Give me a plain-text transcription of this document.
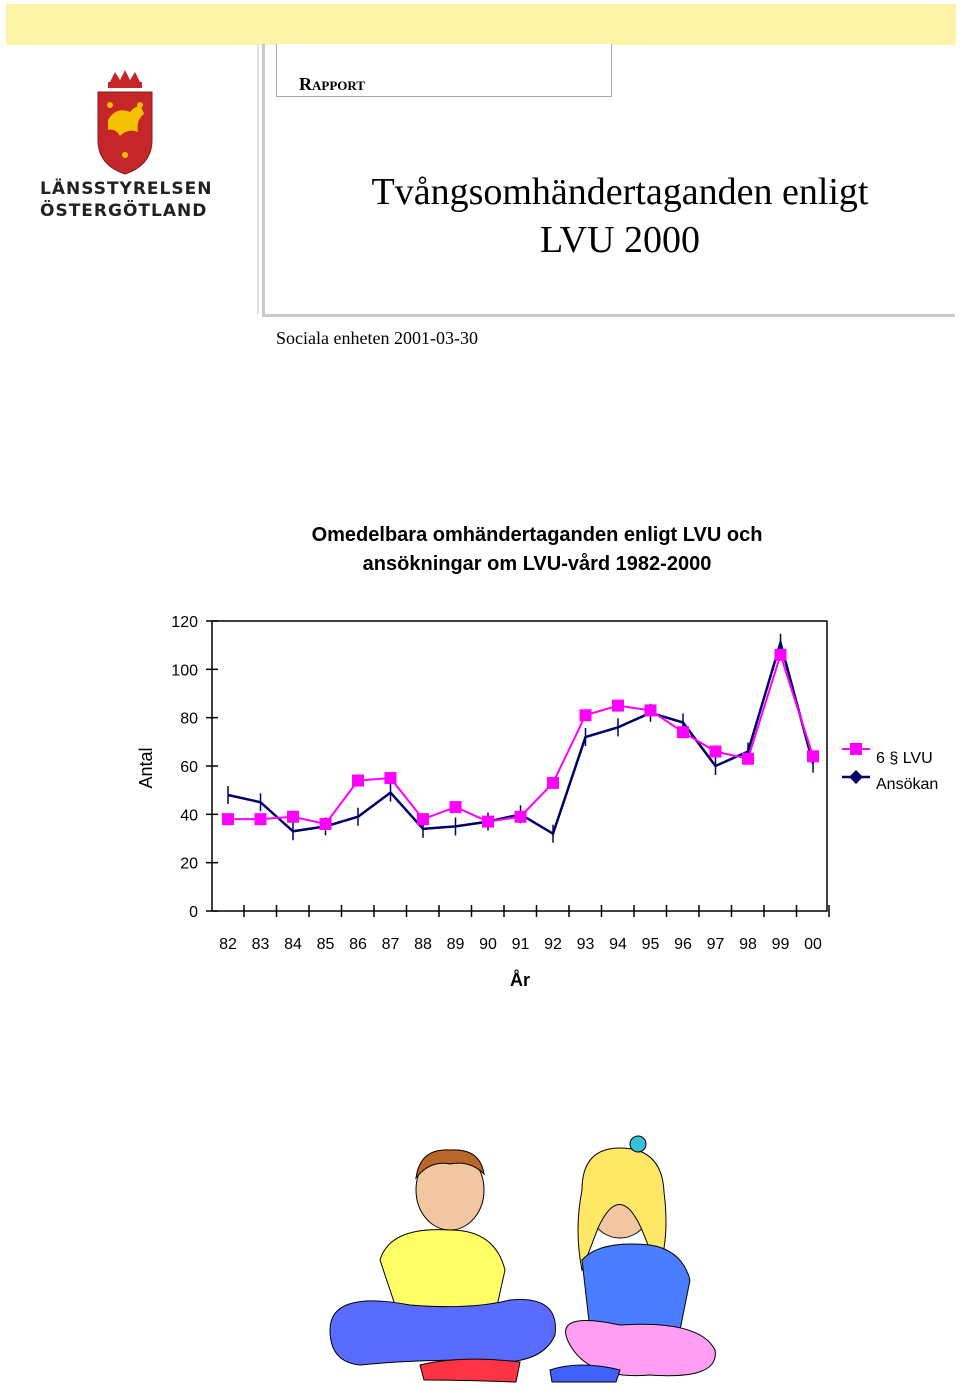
LÄNSSTYRELSEN
ÖSTERGÖTLAND
Rapport
Tvångsomhändertaganden enligt
LVU 2000
Sociala enheten 2001-03-30
Omedelbara omhändertaganden enligt LVU och
ansökningar om LVU-vård 1982-2000
0
20
40
60
80
100
120
82 83 84 85 86 87 88 89 90 91 92 93 94 95 96 97 98 99 00
Antal
År
6 § LVU
Ansökan
